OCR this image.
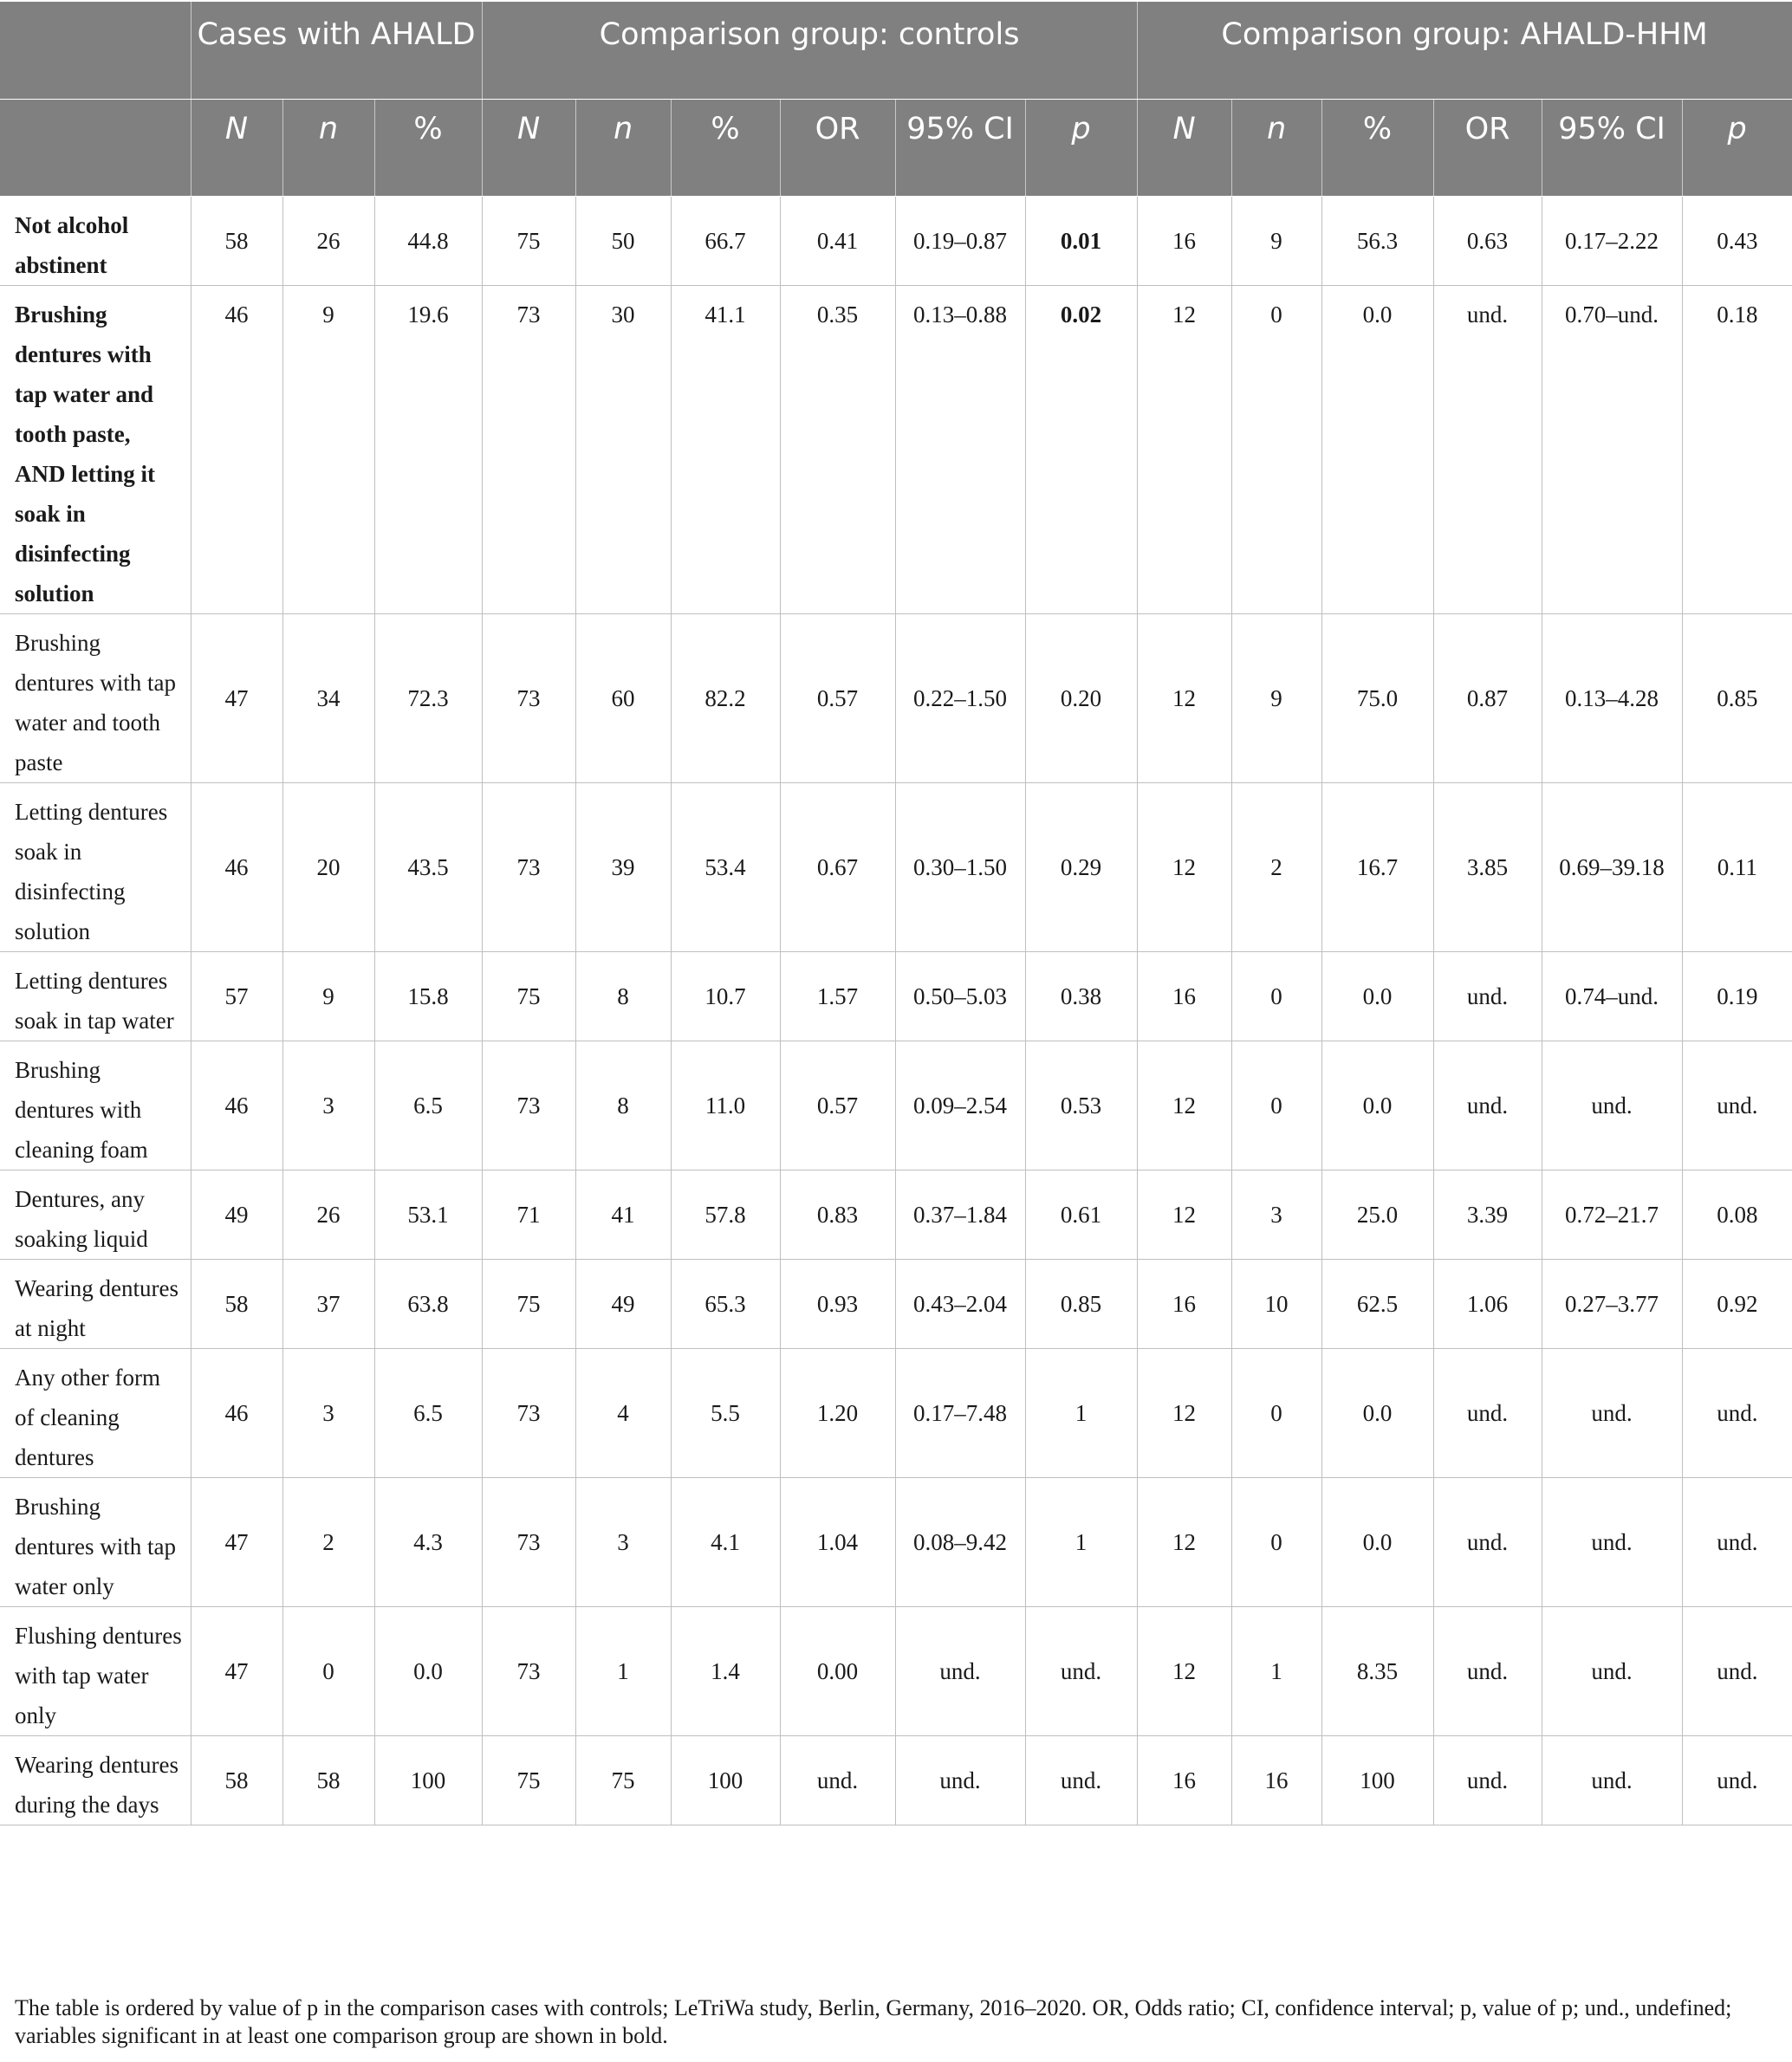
	Cases with AHALD			Comparison group: controls						Comparison group: AHALD-HHM					
	N	n	%	N	n	%	OR	95% CI	p	N	n	%	OR	95% CI	p
Not alcohol abstinent	58	26	44.8	75	50	66.7	0.41	0.19–0.87	0.01	16	9	56.3	0.63	0.17–2.22	0.43
Brushing dentures with tap water and tooth paste, AND letting it soak in disinfecting solution	46	9	19.6	73	30	41.1	0.35	0.13–0.88	0.02	12	0	0.0	und.	0.70–und.	0.18
Brushing dentures with tap water and tooth paste	47	34	72.3	73	60	82.2	0.57	0.22–1.50	0.20	12	9	75.0	0.87	0.13–4.28	0.85
Letting dentures soak in disinfecting solution	46	20	43.5	73	39	53.4	0.67	0.30–1.50	0.29	12	2	16.7	3.85	0.69–39.18	0.11
Letting dentures soak in tap water	57	9	15.8	75	8	10.7	1.57	0.50–5.03	0.38	16	0	0.0	und.	0.74–und.	0.19
Brushing dentures with cleaning foam	46	3	6.5	73	8	11.0	0.57	0.09–2.54	0.53	12	0	0.0	und.	und.	und.
Dentures, any soaking liquid	49	26	53.1	71	41	57.8	0.83	0.37–1.84	0.61	12	3	25.0	3.39	0.72–21.7	0.08
Wearing dentures at night	58	37	63.8	75	49	65.3	0.93	0.43–2.04	0.85	16	10	62.5	1.06	0.27–3.77	0.92
Any other form of cleaning dentures	46	3	6.5	73	4	5.5	1.20	0.17–7.48	1	12	0	0.0	und.	und.	und.
Brushing dentures with tap water only	47	2	4.3	73	3	4.1	1.04	0.08–9.42	1	12	0	0.0	und.	und.	und.
Flushing dentures with tap water only	47	0	0.0	73	1	1.4	0.00	und.	und.	12	1	8.35	und.	und.	und.
Wearing dentures during the days	58	58	100	75	75	100	und.	und.	und.	16	16	100	und.	und.	und.
The table is ordered by value of p in the comparison cases with controls; LeTriWa study, Berlin, Germany, 2016–2020. OR, Odds ratio; CI, confidence interval; p, value of p; und., undefined; variables significant in at least one comparison group are shown in bold.
